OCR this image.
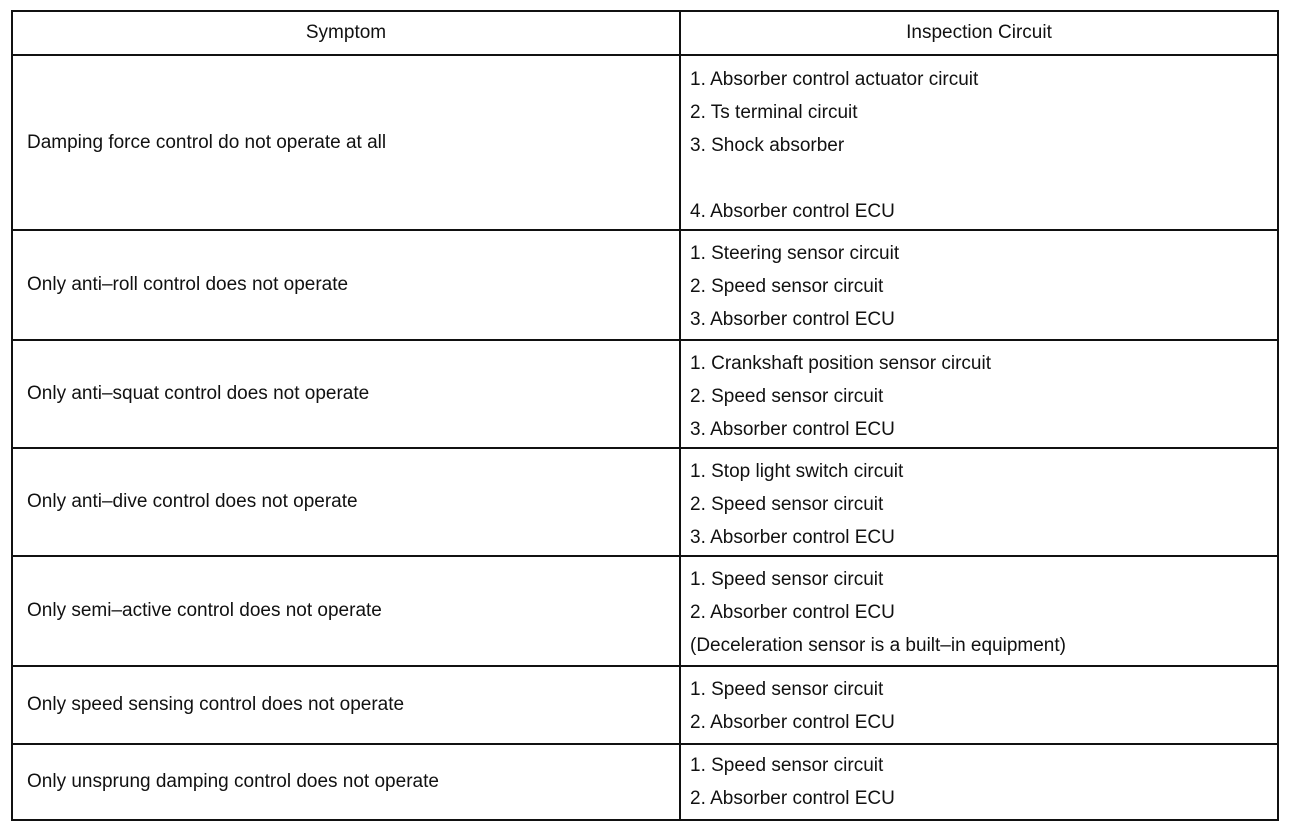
Symptom	Inspection Circuit
Damping force control do not operate at all
1. Absorber control actuator circuit
2. Ts terminal circuit
3. Shock absorber
4. Absorber control ECU
Only anti–roll control does not operate
1. Steering sensor circuit
2. Speed sensor circuit
3. Absorber control ECU
Only anti–squat control does not operate
1. Crankshaft position sensor circuit
2. Speed sensor circuit
3. Absorber control ECU
Only anti–dive control does not operate
1. Stop light switch circuit
2. Speed sensor circuit
3. Absorber control ECU
Only semi–active control does not operate
1. Speed sensor circuit
2. Absorber control ECU
(Deceleration sensor is a built–in equipment)
Only speed sensing control does not operate
1. Speed sensor circuit
2. Absorber control ECU
Only unsprung damping control does not operate
1. Speed sensor circuit
2. Absorber control ECU
